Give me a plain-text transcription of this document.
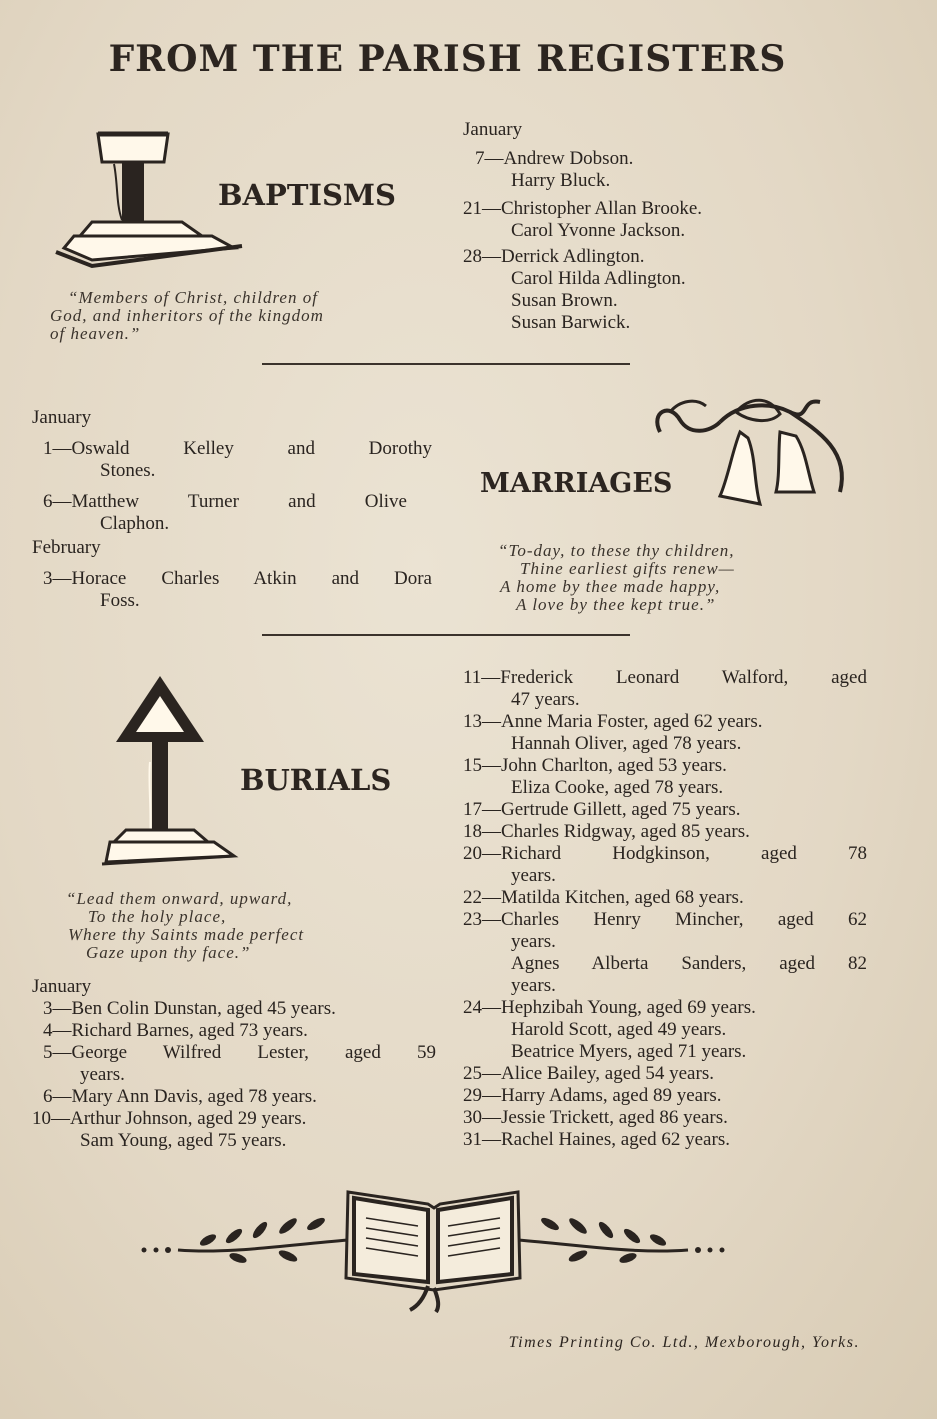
FROM THE PARISH REGISTERS
BAPTISMS
“Members of Christ, children of
God, and inheritors of the kingdom
of heaven.”

January

7—Andrew Dobson.

Harry Bluck.

21—Christopher Allan Brooke.

Carol Yvonne Jackson.

28—Derrick Adlington.

Carol Hilda Adlington.

Susan Brown.

Susan Barwick.

January

1—Oswald Kelley and Dorothy

Stones.

6—Matthew Turner and Olive

Claphon.

February

3—Horace Charles Atkin and Dora

Foss.

MARRIAGES
“To-day, to these thy children,
Thine earliest gifts renew—
A home by thee made happy,
A love by thee kept true.”
BURIALS
“Lead them onward, upward,
To the holy place,
Where thy Saints made perfect
Gaze upon thy face.”

January

3—Ben Colin Dunstan, aged 45 years.

4—Richard Barnes, aged 73 years.

5—George Wilfred Lester, aged 59

years.

6—Mary Ann Davis, aged 78 years.

10—Arthur Johnson, aged 29 years.

Sam Young, aged 75 years.

11—Frederick Leonard Walford, aged

47 years.

13—Anne Maria Foster, aged 62 years.

Hannah Oliver, aged 78 years.

15—John Charlton, aged 53 years.

Eliza Cooke, aged 78 years.

17—Gertrude Gillett, aged 75 years.

18—Charles Ridgway, aged 85 years.

20—Richard Hodgkinson, aged 78

years.

22—Matilda Kitchen, aged 68 years.

23—Charles Henry Mincher, aged 62

years.

Agnes Alberta Sanders, aged 82

years.

24—Hephzibah Young, aged 69 years.

Harold Scott, aged 49 years.

Beatrice Myers, aged 71 years.

25—Alice Bailey, aged 54 years.

29—Harry Adams, aged 89 years.

30—Jessie Trickett, aged 86 years.

31—Rachel Haines, aged 62 years.

Times Printing Co. Ltd., Mexborough, Yorks.
